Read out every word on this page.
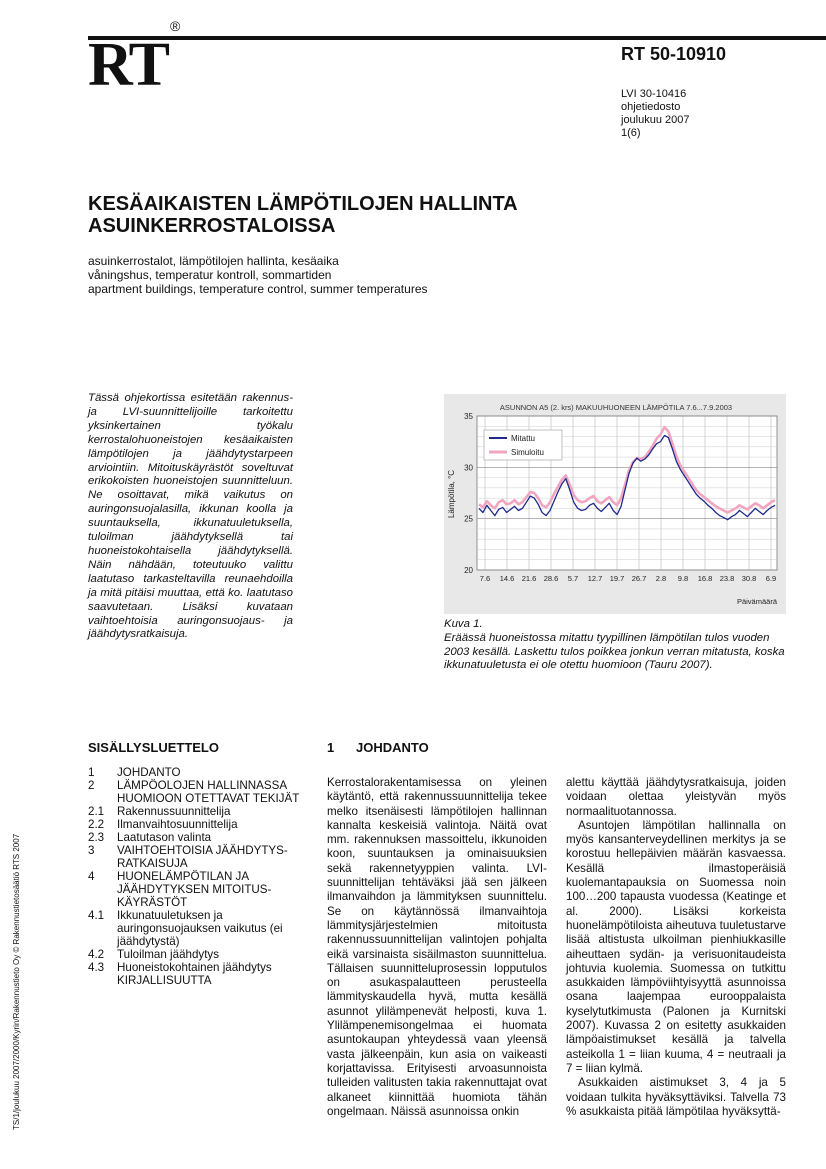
RT®
RT 50-10910
LVI 30-10416
ohjetiedosto
joulukuu 2007
1(6)
KESÄAIKAISTEN LÄMPÖTILOJEN HALLINTA
ASUINKERROSTALOISSA
asuinkerrostalot, lämpötilojen hallinta, kesäaika
våningshus, temperatur kontroll, sommartiden
apartment buildings, temperature control, summer temperatures
Tässä ohjekortissa esitetään rakennus- ja LVI-suunnittelijoille tarkoitettu yksinkertainen työkalu kerrostalohuoneistojen kesäaikaisten lämpötilojen ja jäähdytystarpeen arviointiin. Mitoituskäyrästöt soveltuvat erikokoisten huoneistojen suunnitteluun. Ne osoittavat, mikä vaikutus on auringonsuojalasilla, ikkunan koolla ja suuntauksella, ikkunatuuletuksella, tuloilman jäähdytyksellä tai huoneistokohtaisella jäähdytyksellä. Näin nähdään, toteutuuko valittu laatutaso tarkasteltavilla reunaehdoilla ja mitä pitäisi muuttaa, että ko. laatutaso saavutetaan. Lisäksi kuvataan vaihtoehtoisia auringonsuojaus- ja jäähdytysratkaisuja.
ASUNNON A5 (2. krs) MAKUUHUONEEN LÄMPÖTILA 7.6...7.9.2003
7.6 14.6 21.6 28.6 5.7 12.7 19.7 26.7 2.8 9.8 16.8 23.8 30.8 6.9
20
25
30
35
Lämpötila, °C
Päivämäärä
Mitattu
Simuloitu
Kuva 1.
Eräässä huoneistossa mitattu tyypillinen lämpötilan tulos vuoden 2003 kesällä. Laskettu tulos poikkea jonkun verran mitatusta, koska ikkunatuuletusta ei ole otettu huomioon (Tauru 2007).
TS/1/joulukuu 2007/2000/Kyrin/Rakennustieto Oy © Rakennustietosäätiö RTS 2007
SISÄLLYSLUETTELO
1	JOHDANTO
2	LÄMPÖOLOJEN HALLINNASSA HUOMIOON OTETTAVAT TEKIJÄT
2.1	Rakennussuunnittelija
2.2	Ilmanvaihtosuunnittelija
2.3	Laatutason valinta
3	VAIHTOEHTOISIA JÄÄHDYTYS-RATKAISUJA
4	HUONELÄMPÖTILAN JA JÄÄHDYTYKSEN MITOITUS-KÄYRÄSTÖT
4.1	Ikkunatuuletuksen ja auringonsuojauksen vaikutus (ei jäähdytystä)
4.2	Tuloilman jäähdytys
4.3	Huoneistokohtainen jäähdytys
KIRJALLISUUTTA
1 JOHDANTO
Kerrostalorakentamisessa on yleinen käytäntö, että rakennussuunnittelija tekee melko itsenäisesti lämpötilojen hallinnan kannalta keskeisiä valintoja. Näitä ovat mm. rakennuksen massoittelu, ikkunoiden koon, suuntauksen ja ominaisuuksien sekä rakennetyyppien valinta. LVI-suunnittelijan tehtäväksi jää sen jälkeen ilmanvaihdon ja lämmityksen suunnittelu. Se on käytännössä ilmanvaihtoja lämmitysjärjestelmien mitoitusta rakennussuunnittelijan valintojen pohjalta eikä varsinaista sisäilmaston suunnittelua. Tällaisen suunnitteluprosessin lopputulos on asukaspalautteen perusteella lämmityskaudella hyvä, mutta kesällä asunnot ylilämpenevät helposti, kuva 1. Ylilämpenemisongelmaa ei huomata asuntokaupan yhteydessä vaan yleensä vasta jälkeenpäin, kun asia on vaikeasti korjattavissa. Erityisesti arvoasunnoista tulleiden valitusten takia rakennuttajat ovat alkaneet kiinnittää huomiota tähän ongelmaan. Näissä asunnoissa onkin

alettu käyttää jäähdytysratkaisuja, joiden voidaan olettaa yleistyvän myös normaalituotannossa.

Asuntojen lämpötilan hallinnalla on myös kansanterveydellinen merkitys ja se korostuu hellepäivien määrän kasvaessa. Kesällä ilmastoperäisiä kuolemantapauksia on Suomessa noin 100…200 tapausta vuodessa (Keatinge et al. 2000). Lisäksi korkeista huonelämpötiloista aiheutuva tuuletustarve lisää altistusta ulkoilman pienhiukkasille aiheuttaen sydän- ja verisuonitaudeista johtuvia kuolemia. Suomessa on tutkittu asukkaiden lämpöviihtyisyyttä asunnoissa osana laajempaa eurooppalaista kyselytutkimusta (Palonen ja Kurnitski 2007). Kuvassa 2 on esitetty asukkaiden lämpöaistimukset kesällä ja talvella asteikolla 1 = liian kuuma, 4 = neutraali ja 7 = liian kylmä.

Asukkaiden aistimukset 3, 4 ja 5 voidaan tulkita hyväksyttäviksi. Talvella 73 % asukkaista pitää lämpötilaa hyväksyttä-
